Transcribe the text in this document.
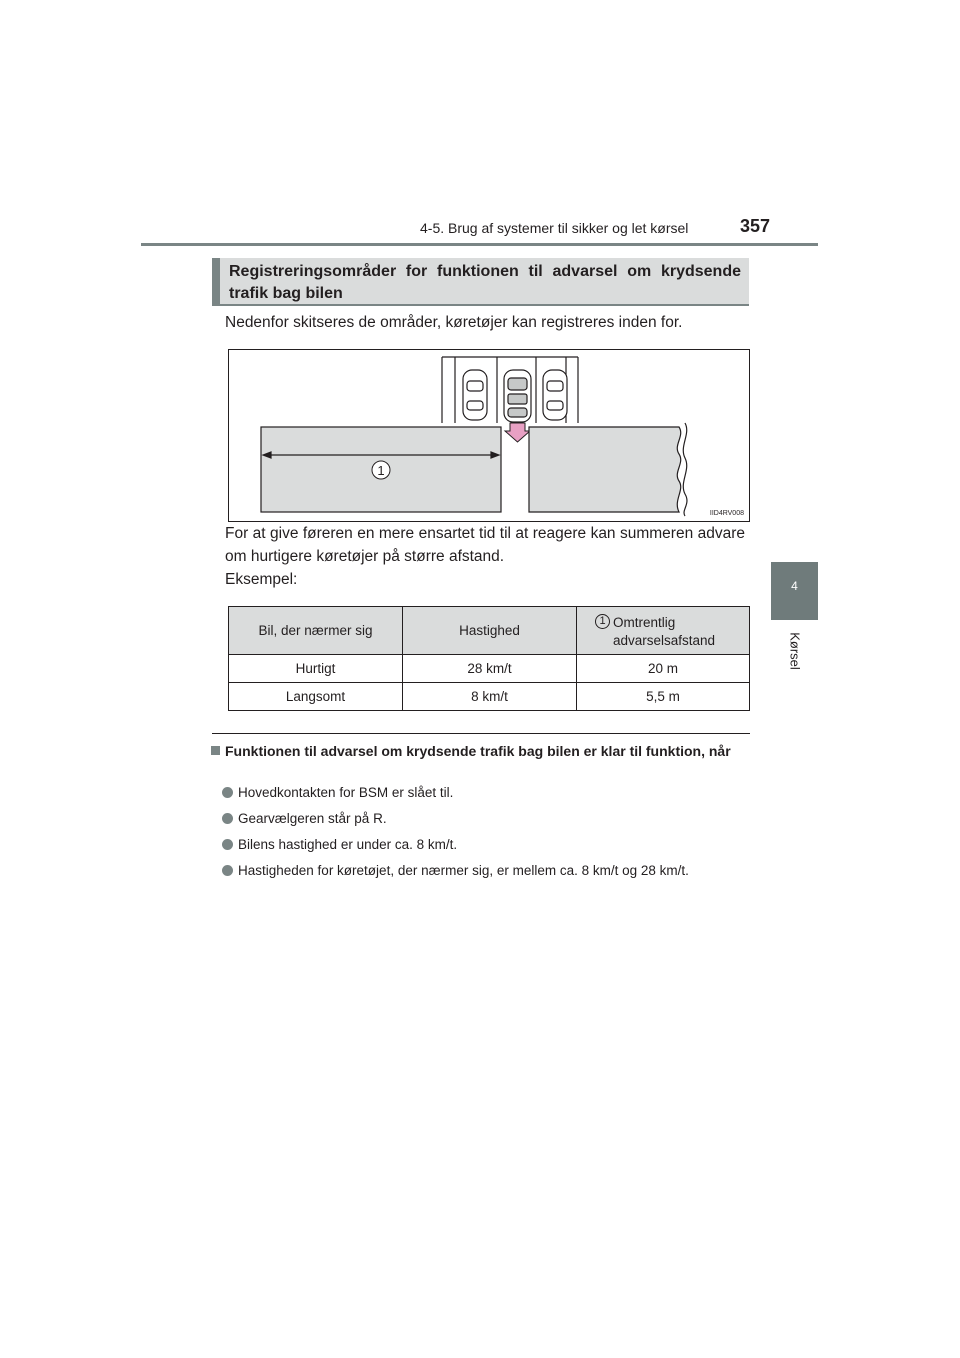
4-5. Brug af systemer til sikker og let kørsel	357
4
Kørsel
Registreringsområder for funktionen til advarsel om krydsende trafik bag bilen
Nedenfor skitseres de områder, køretøjer kan registreres inden for.
1
IID4RV008
For at give føreren en mere ensartet tid til at reagere kan summeren advare om hurtigere køretøjer på større afstand.
Eksempel:
Bil, der nærmer sig	Hastighed	1 Omtrentlig advarselsafstand

Hurtigt	28 km/t	20 m
Langsomt	8 km/t	5,5 m
Funktionen til advarsel om krydsende trafik bag bilen er klar til funktion, når
Hovedkontakten for BSM er slået til.
Gearvælgeren står på R.
Bilens hastighed er under ca. 8 km/t.
Hastigheden for køretøjet, der nærmer sig, er mellem ca. 8 km/t og 28 km/t.
